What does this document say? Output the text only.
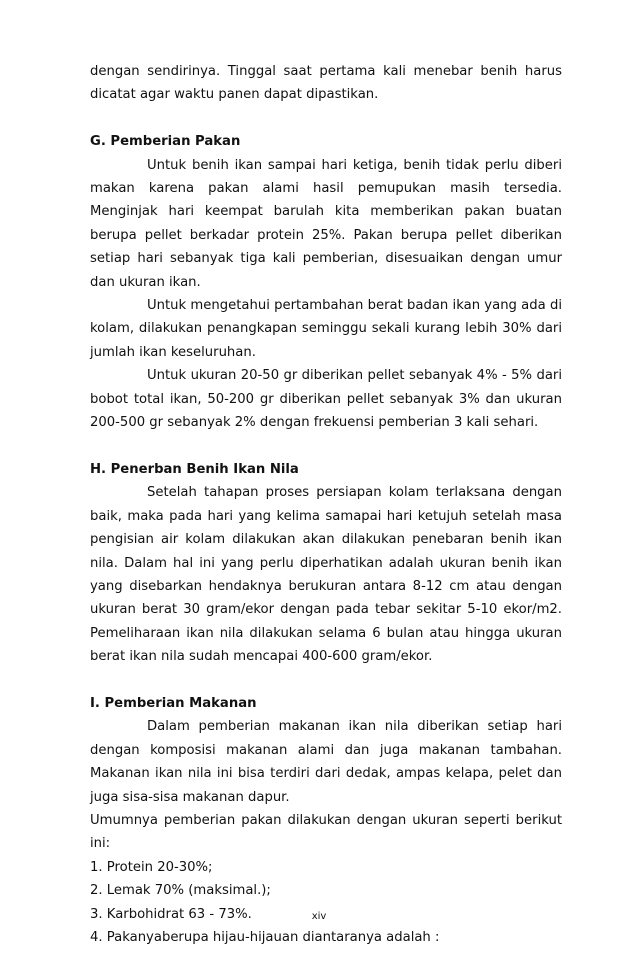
dengan sendirinya. Tinggal saat pertama kali menebar benih harus dicatat agar waktu panen dapat dipastikan.

G. Pemberian Pakan

Untuk benih ikan sampai hari ketiga, benih tidak perlu diberi makan karena pakan alami hasil pemupukan masih tersedia. Menginjak hari keempat barulah kita memberikan pakan buatan berupa pellet berkadar protein 25%. Pakan berupa pellet diberikan setiap hari sebanyak tiga kali pemberian, disesuaikan dengan umur dan ukuran ikan.

Untuk mengetahui pertambahan berat badan ikan yang ada di kolam, dilakukan penangkapan seminggu sekali kurang lebih 30% dari jumlah ikan keseluruhan.

Untuk ukuran 20-50 gr diberikan pellet sebanyak 4% - 5% dari bobot total ikan, 50-200 gr diberikan pellet sebanyak 3% dan ukuran 200-500 gr sebanyak 2% dengan frekuensi pemberian 3 kali sehari.

H. Penerban Benih Ikan Nila

Setelah tahapan proses persiapan kolam terlaksana dengan baik, maka pada hari yang kelima samapai hari ketujuh setelah masa pengisian air kolam dilakukan akan dilakukan penebaran benih ikan nila. Dalam hal ini yang perlu diperhatikan adalah ukuran benih ikan yang disebarkan hendaknya berukuran antara 8-12 cm atau dengan ukuran berat 30 gram/ekor dengan pada tebar sekitar 5-10 ekor/m2. Pemeliharaan ikan nila dilakukan selama 6 bulan atau hingga ukuran berat ikan nila sudah mencapai 400-600 gram/ekor.

I. Pemberian Makanan

Dalam pemberian makanan ikan nila diberikan setiap hari dengan komposisi makanan alami dan juga makanan tambahan. Makanan ikan nila ini bisa terdiri dari dedak, ampas kelapa, pelet dan juga sisa-sisa makanan dapur.

Umumnya pemberian pakan dilakukan dengan ukuran seperti berikut ini:

1. Protein 20-30%;
2. Lemak 70% (maksimal.);
3. Karbohidrat 63 - 73%.
4. Pakanyaberupa hijau-hijauan diantaranya adalah :
xiv
